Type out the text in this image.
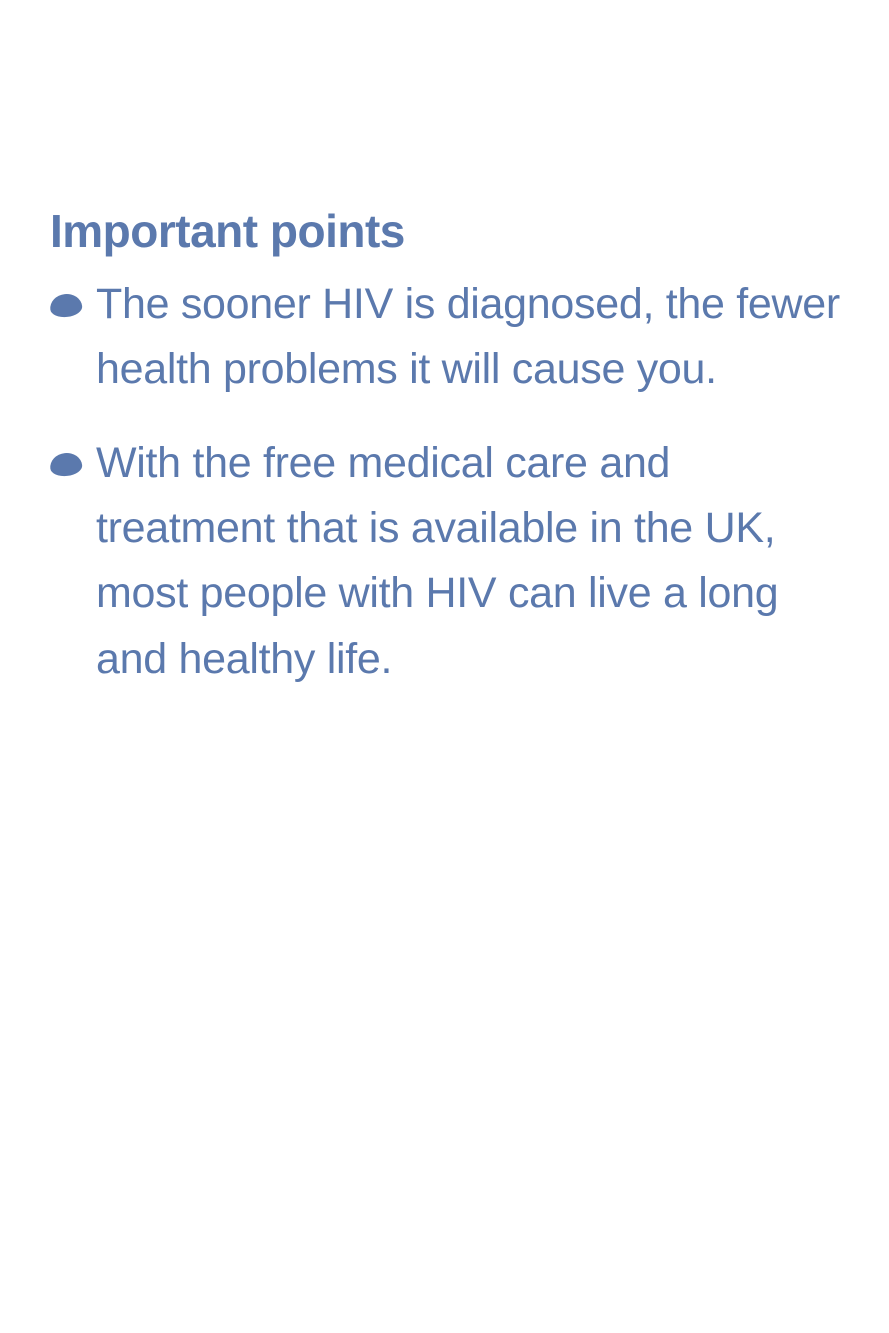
Important points
The sooner HIV is diagnosed, the fewer health problems it will cause you.
With the free medical care and treatment that is available in the UK, most people with HIV can live a long and healthy life.
